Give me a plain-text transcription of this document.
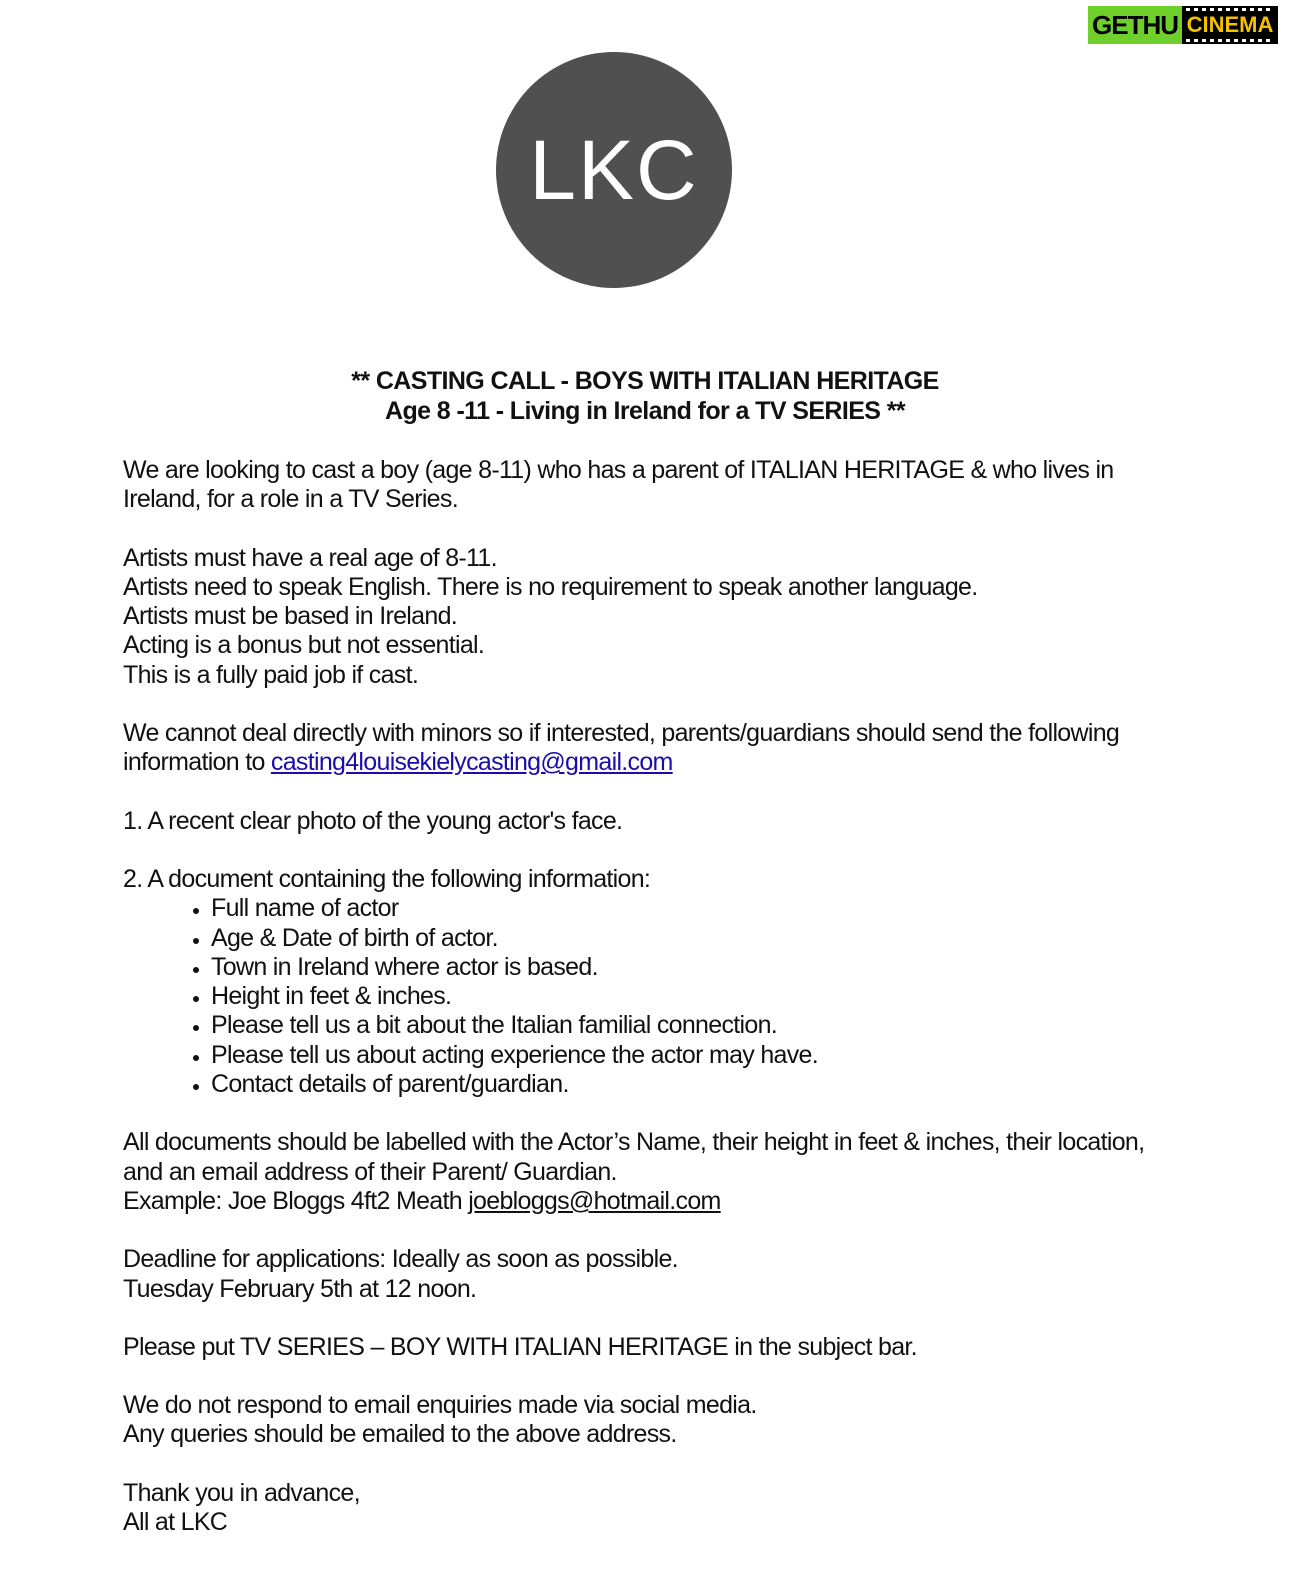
GETHU CINEMA
LKC
** CASTING CALL - BOYS WITH ITALIAN HERITAGE
Age 8 -11 - Living in Ireland for a TV SERIES **

We are looking to cast a boy (age 8-11) who has a parent of ITALIAN HERITAGE & who lives in Ireland, for a role in a TV Series.

Artists must have a real age of 8-11.
Artists need to speak English. There is no requirement to speak another language.
Artists must be based in Ireland.
Acting is a bonus but not essential.
This is a fully paid job if cast.

We cannot deal directly with minors so if interested, parents/guardians should send the following information to casting4louisekielycasting@gmail.com

1. A recent clear photo of the young actor's face.

2. A document containing the following information:
• Full name of actor
• Age & Date of birth of actor.
• Town in Ireland where actor is based.
• Height in feet & inches.
• Please tell us a bit about the Italian familial connection.
• Please tell us about acting experience the actor may have.
• Contact details of parent/guardian.

All documents should be labelled with the Actor’s Name, their height in feet & inches, their location, and an email address of their Parent/ Guardian.
Example: Joe Bloggs 4ft2 Meath joebloggs@hotmail.com

Deadline for applications: Ideally as soon as possible.
Tuesday February 5th at 12 noon.

Please put TV SERIES – BOY WITH ITALIAN HERITAGE in the subject bar.

We do not respond to email enquiries made via social media.
Any queries should be emailed to the above address.

Thank you in advance,
All at LKC
